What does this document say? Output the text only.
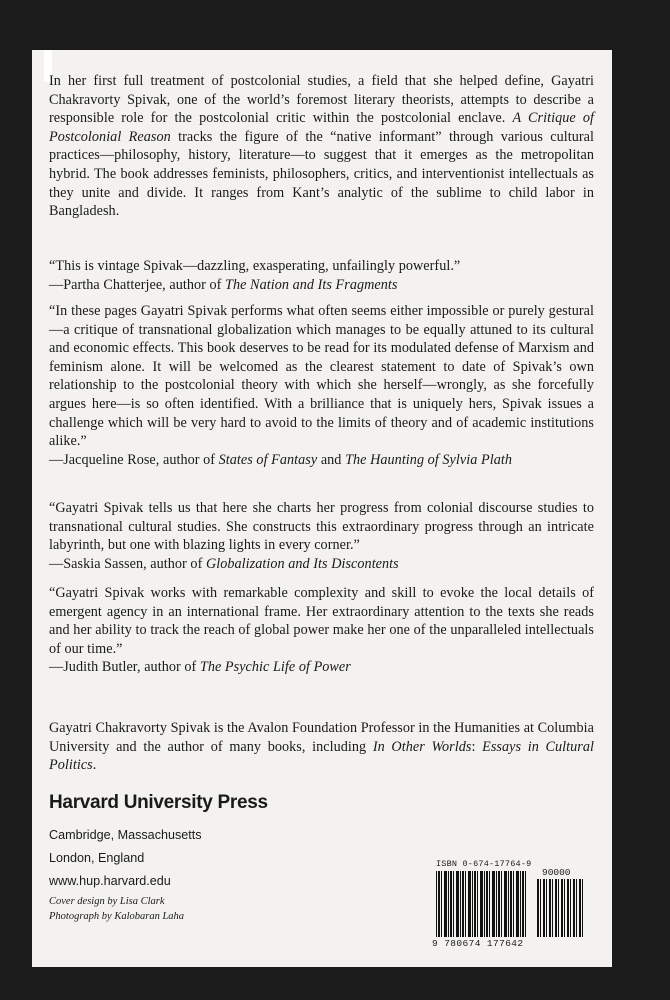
In her first full treatment of postcolonial studies, a field that she helped define, Gayatri Chakravorty Spivak, one of the world’s foremost literary theorists, attempts to describe a responsible role for the postcolonial critic within the postcolonial enclave. A Critique of Postcolonial Reason tracks the figure of the “native informant” through various cultural practices—philosophy, history, literature—to suggest that it emerges as the metropolitan hybrid. The book addresses feminists, philosophers, critics, and interventionist intellectuals as they unite and divide. It ranges from Kant’s analytic of the sublime to child labor in Bangladesh.

“This is vintage Spivak—dazzling, exasperating, unfailingly powerful.”

—Partha Chatterjee, author of The Nation and Its Fragments

“In these pages Gayatri Spivak performs what often seems either impossible or purely gestural—a critique of transnational globalization which manages to be equally attuned to its cultural and economic effects. This book deserves to be read for its modulated defense of Marxism and feminism alone. It will be welcomed as the clearest statement to date of Spivak’s own relationship to the postcolonial theory with which she herself—wrongly, as she forcefully argues here—is so often identified. With a brilliance that is uniquely hers, Spivak issues a challenge which will be very hard to avoid to the limits of theory and of academic institutions alike.”

—Jacqueline Rose, author of States of Fantasy and The Haunting of Sylvia Plath

“Gayatri Spivak tells us that here she charts her progress from colonial discourse studies to transnational cultural studies. She constructs this extraordinary progress through an intricate labyrinth, but one with blazing lights in every corner.”

—Saskia Sassen, author of Globalization and Its Discontents

“Gayatri Spivak works with remarkable complexity and skill to evoke the local details of emergent agency in an international frame. Her extraordinary attention to the texts she reads and her ability to track the reach of global power make her one of the unparalleled intellectuals of our time.”

—Judith Butler, author of The Psychic Life of Power

Gayatri Chakravorty Spivak is the Avalon Foundation Professor in the Humanities at Columbia University and the author of many books, including In Other Worlds: Essays in Cultural Politics.
Harvard University Press
Cambridge, Massachusetts
London, England
www.hup.harvard.edu
Cover design by Lisa Clark
Photograph by Kalobaran Laha
ISBN 0-674-17764-9
90000
9 780674 177642
